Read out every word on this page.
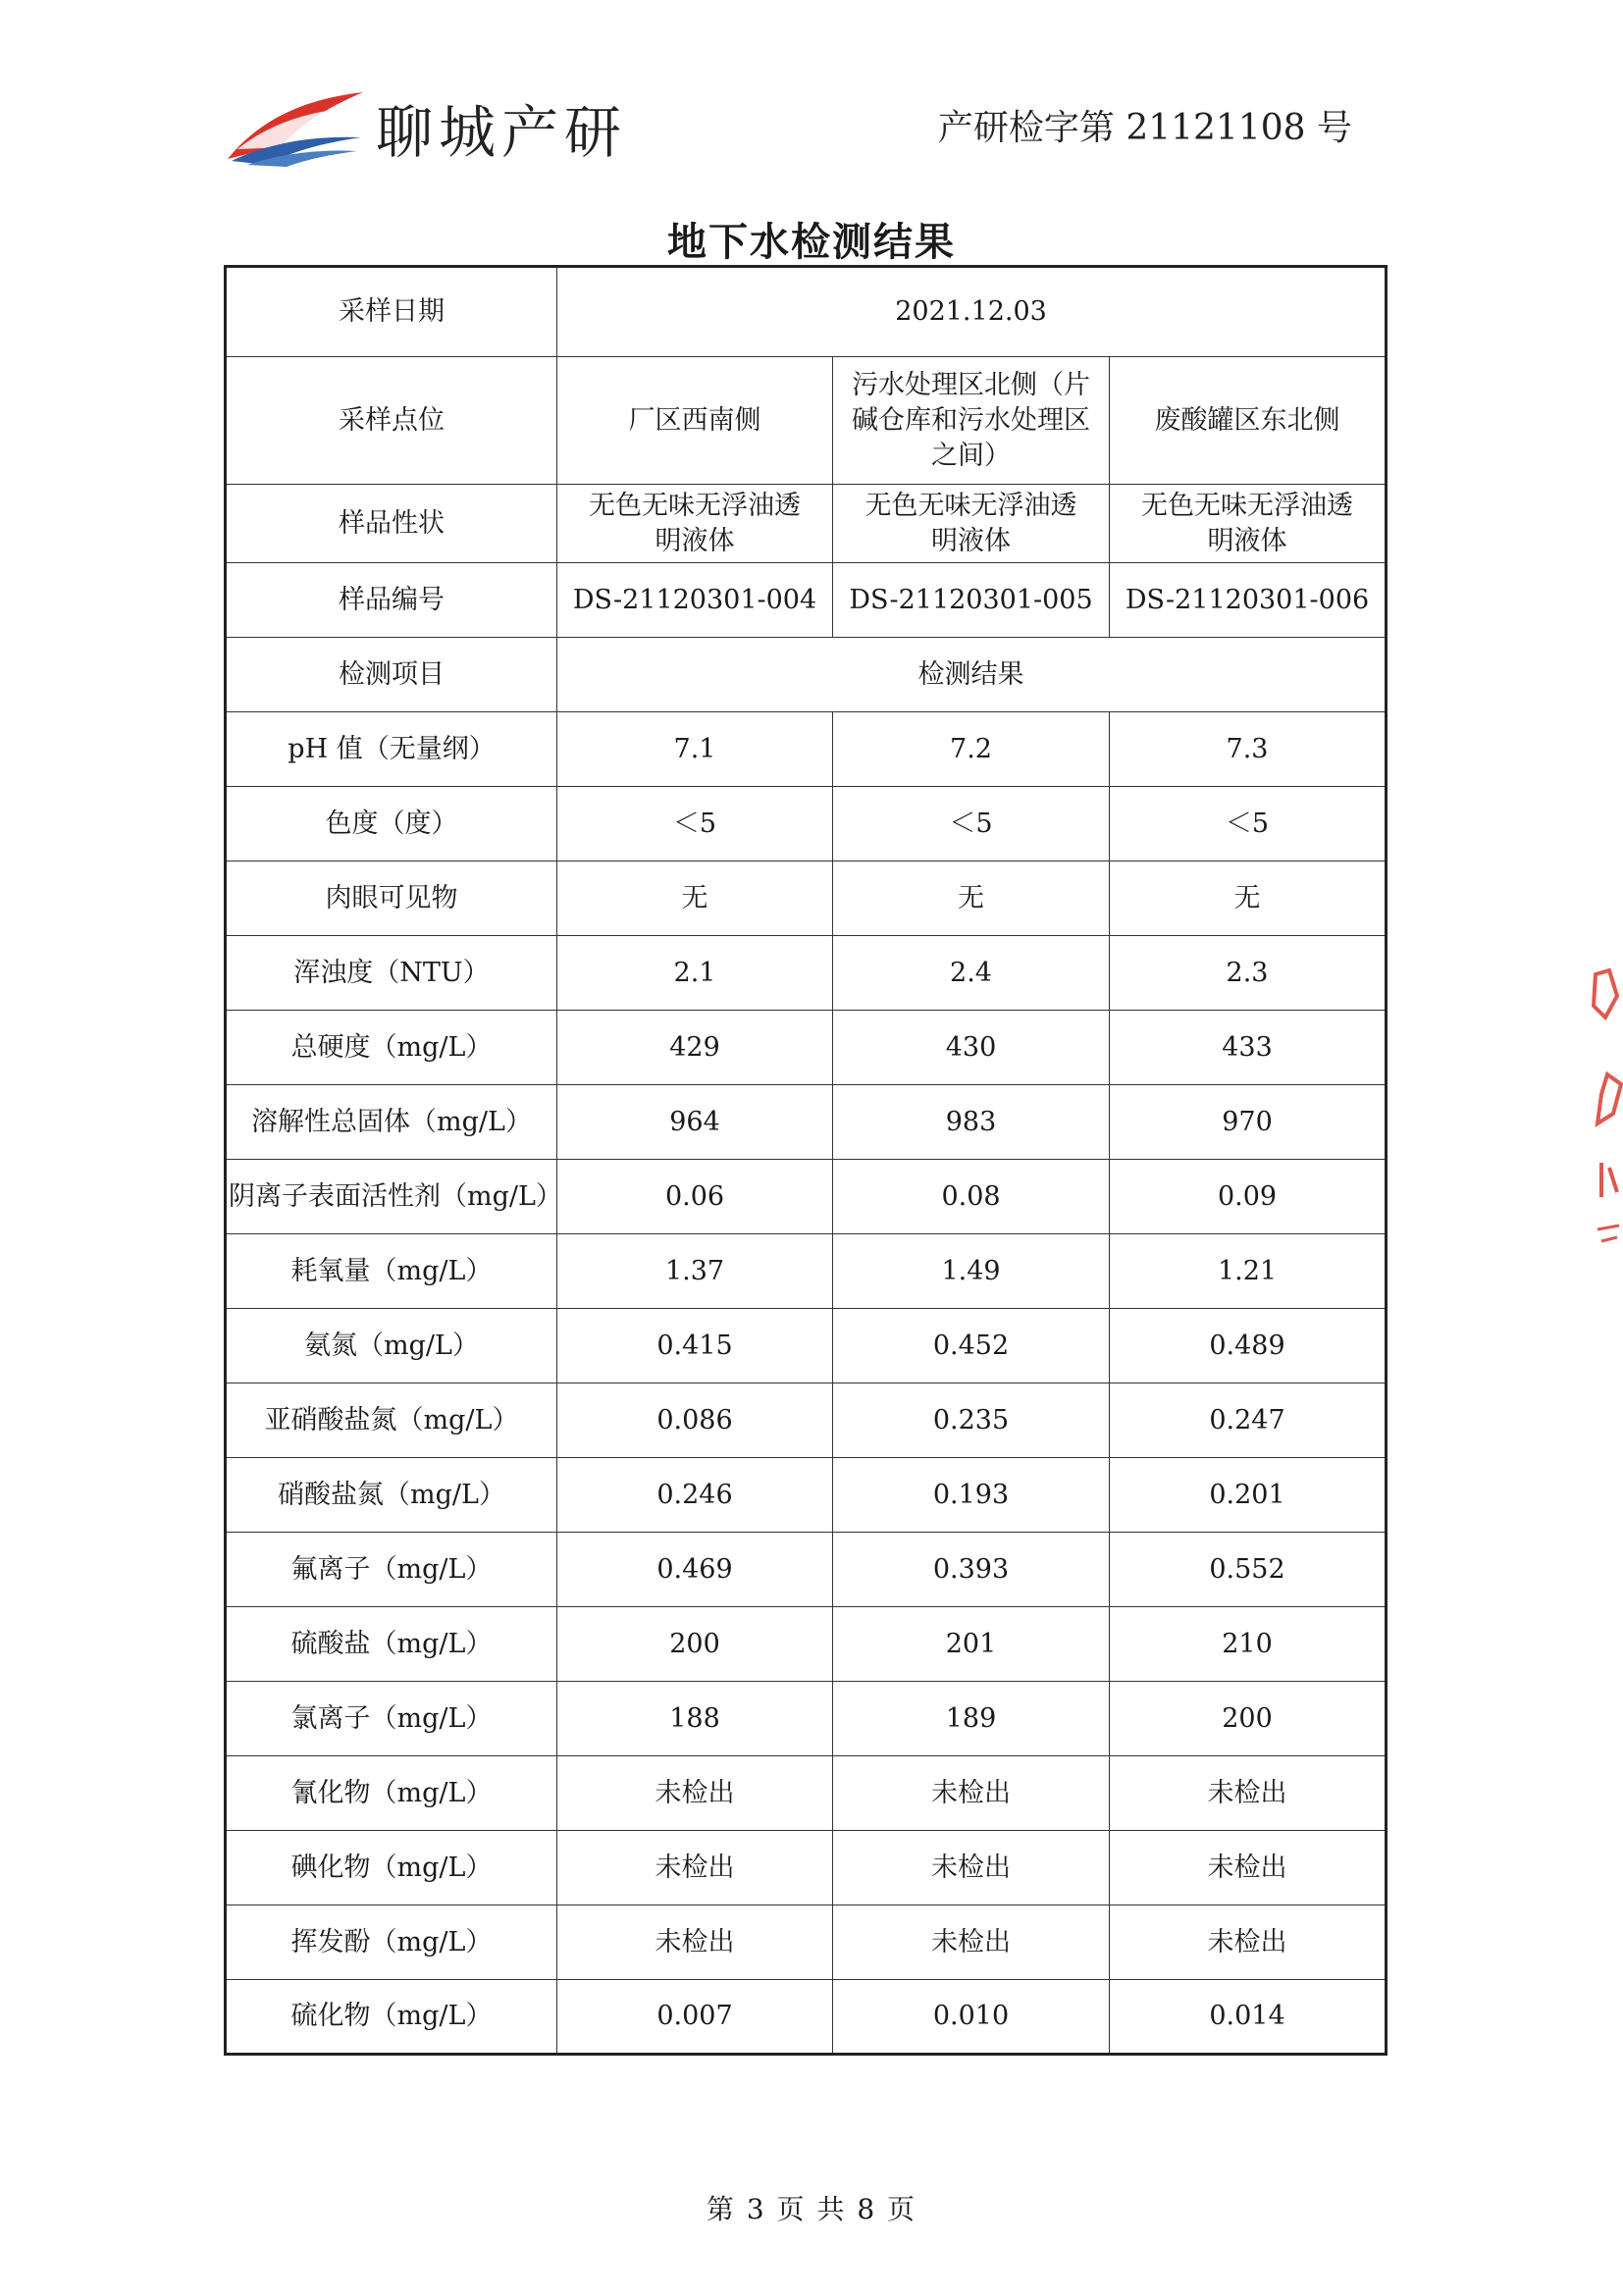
聊城产研	产研检字第 21121108 号
地下水检测结果
采样日期	2021.12.03		
采样点位	厂区西南侧	污水处理区北侧（片碱仓库和污水处理区之间）	废酸罐区东北侧
样品性状	无色无味无浮油透明液体	无色无味无浮油透明液体	无色无味无浮油透明液体
样品编号	DS-21120301-004	DS-21120301-005	DS-21120301-006
检测项目	检测结果		
pH 值（无量纲）	7.1	7.2	7.3
色度（度）	＜5	＜5	＜5
肉眼可见物	无	无	无
浑浊度（NTU）	2.1	2.4	2.3
总硬度（mg/L）	429	430	433
溶解性总固体（mg/L）	964	983	970
阴离子表面活性剂（mg/L）	0.06	0.08	0.09
耗氧量（mg/L）	1.37	1.49	1.21
氨氮（mg/L）	0.415	0.452	0.489
亚硝酸盐氮（mg/L）	0.086	0.235	0.247
硝酸盐氮（mg/L）	0.246	0.193	0.201
氟离子（mg/L）	0.469	0.393	0.552
硫酸盐（mg/L）	200	201	210
氯离子（mg/L）	188	189	200
氰化物（mg/L）	未检出	未检出	未检出
碘化物（mg/L）	未检出	未检出	未检出
挥发酚（mg/L）	未检出	未检出	未检出
硫化物（mg/L）	0.007	0.010	0.014
第 3 页 共 8 页
